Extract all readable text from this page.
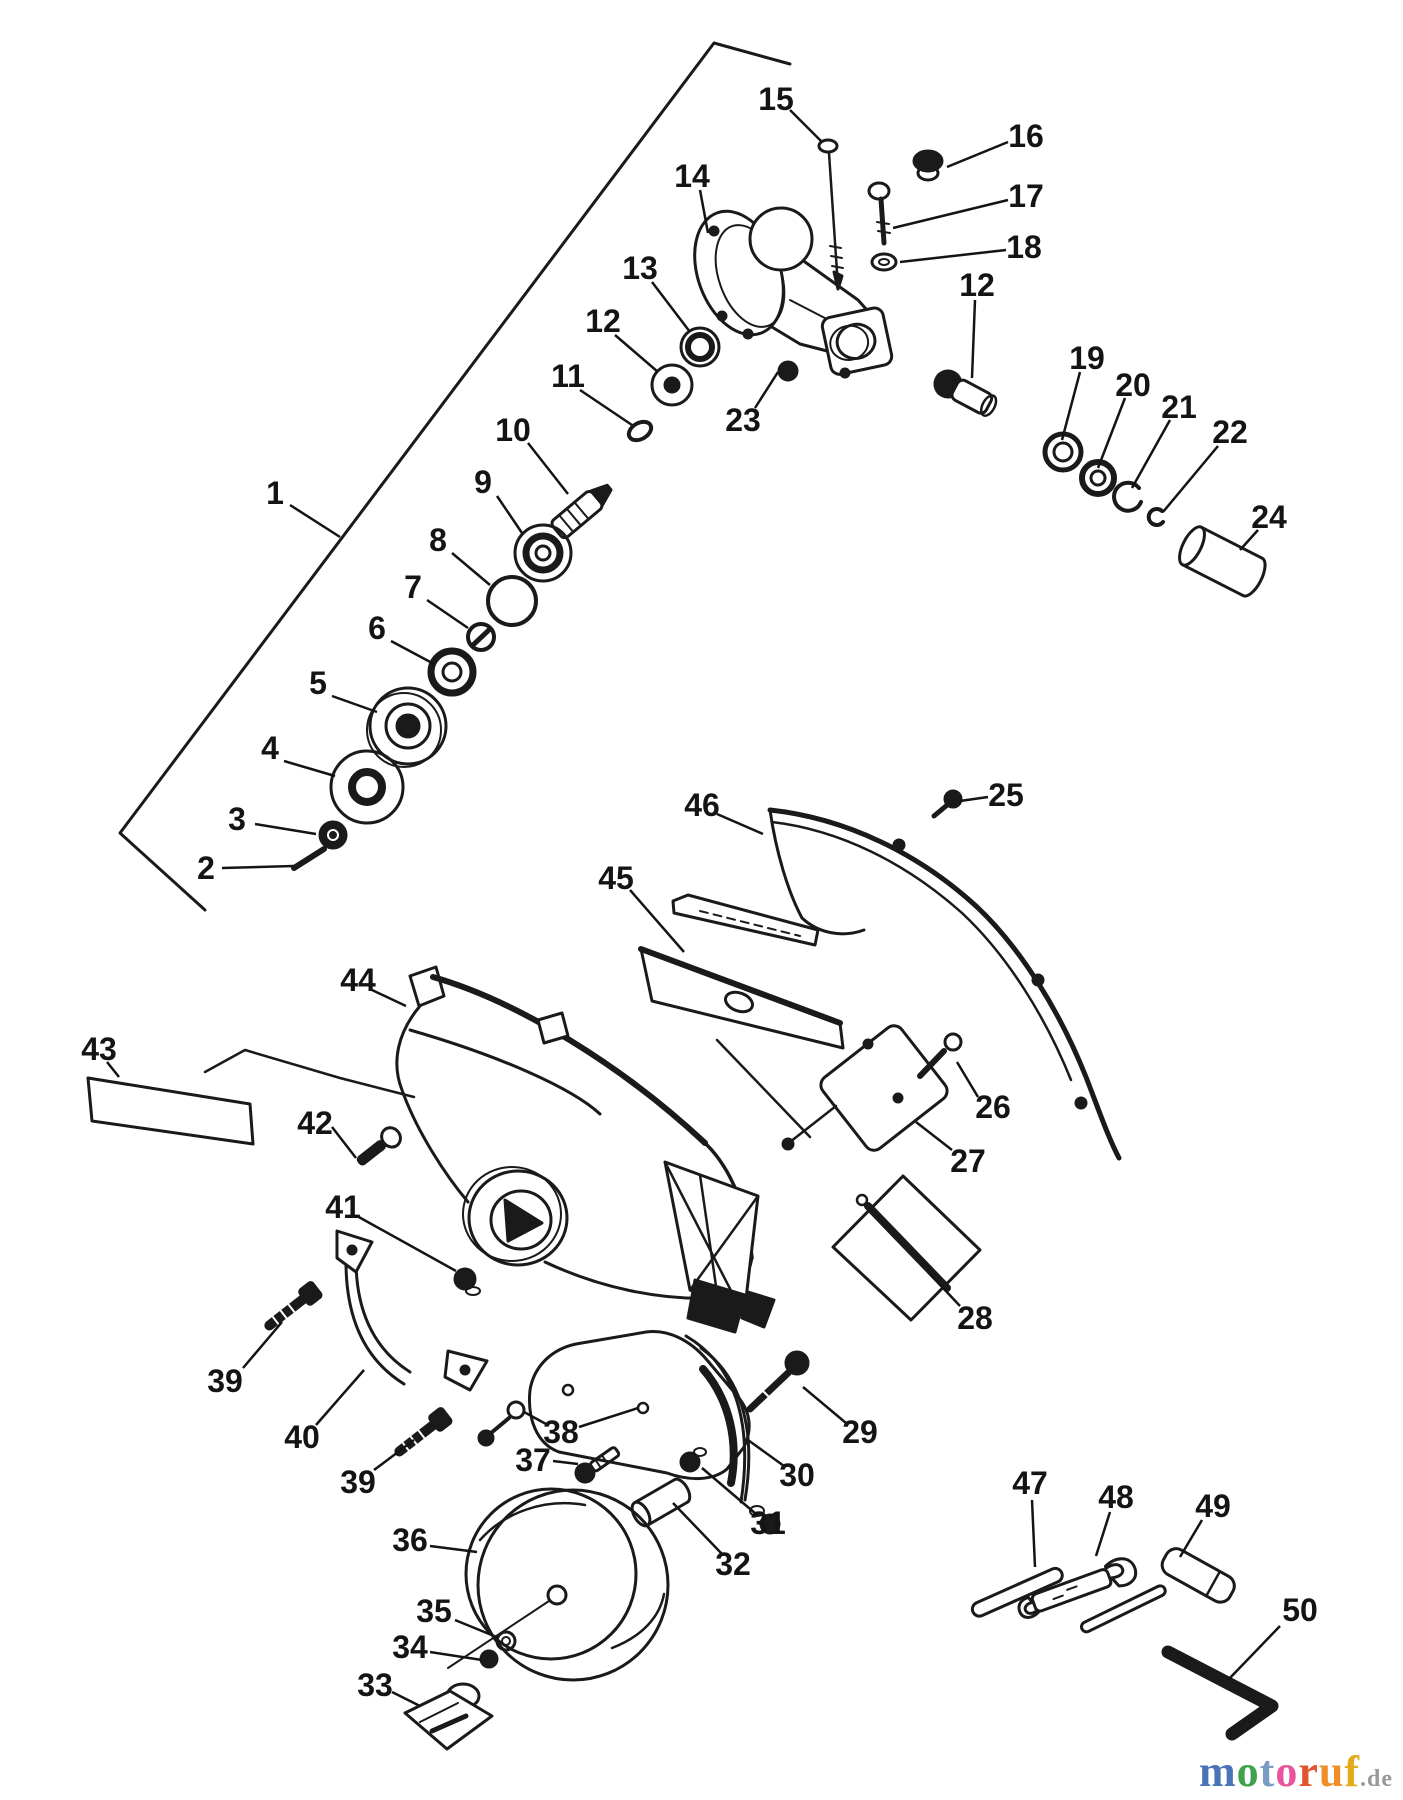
1
2
3
4
5
6
7
8
9
10
11
12
13
14
15
16
17
18
12
19
20
21
22
23
24
25
26
27
28
29
30
31
32
33
34
35
36
37
38
39
40
39
41
42
43
44
45
46
47 48 49
50
motoruf.de
